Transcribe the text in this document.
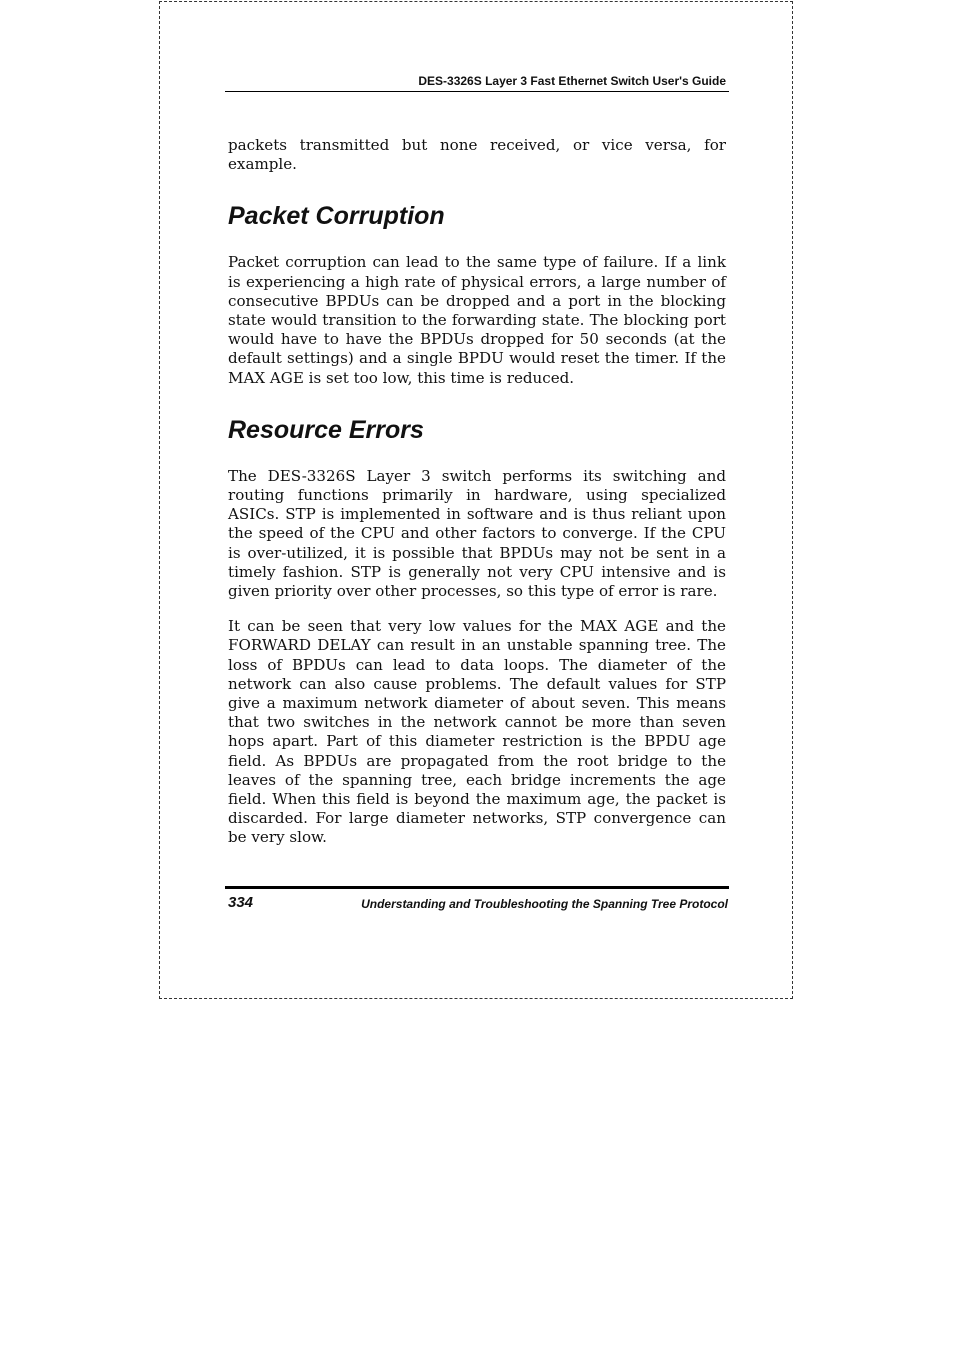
DES-3326S Layer 3 Fast Ethernet Switch User's Guide

packets transmitted but none received, or vice versa, for example.

Packet Corruption

Packet corruption can lead to the same type of failure. If a link is experiencing a high rate of physical errors, a large number of consecutive BPDUs can be dropped and a port in the blocking state would transition to the forwarding state. The blocking port would have to have the BPDUs dropped for 50 seconds (at the default settings) and a single BPDU would reset the timer. If the MAX AGE is set too low, this time is reduced.

Resource Errors

The DES-3326S Layer 3 switch performs its switching and routing functions primarily in hardware, using specialized ASICs. STP is implemented in software and is thus reliant upon the speed of the CPU and other factors to converge. If the CPU is over-utilized, it is possible that BPDUs may not be sent in a timely fashion. STP is generally not very CPU intensive and is given priority over other processes, so this type of error is rare.

It can be seen that very low values for the MAX AGE and the FORWARD DELAY can result in an unstable spanning tree. The loss of BPDUs can lead to data loops. The diameter of the network can also cause problems. The default values for STP give a maximum network diameter of about seven. This means that two switches in the network cannot be more than seven hops apart. Part of this diameter restriction is the BPDU age field. As BPDUs are propagated from the root bridge to the leaves of the spanning tree, each bridge increments the age field. When this field is beyond the maximum age, the packet is discarded. For large diameter networks, STP convergence can be very slow.

334	Understanding and Troubleshooting the Spanning Tree Protocol
